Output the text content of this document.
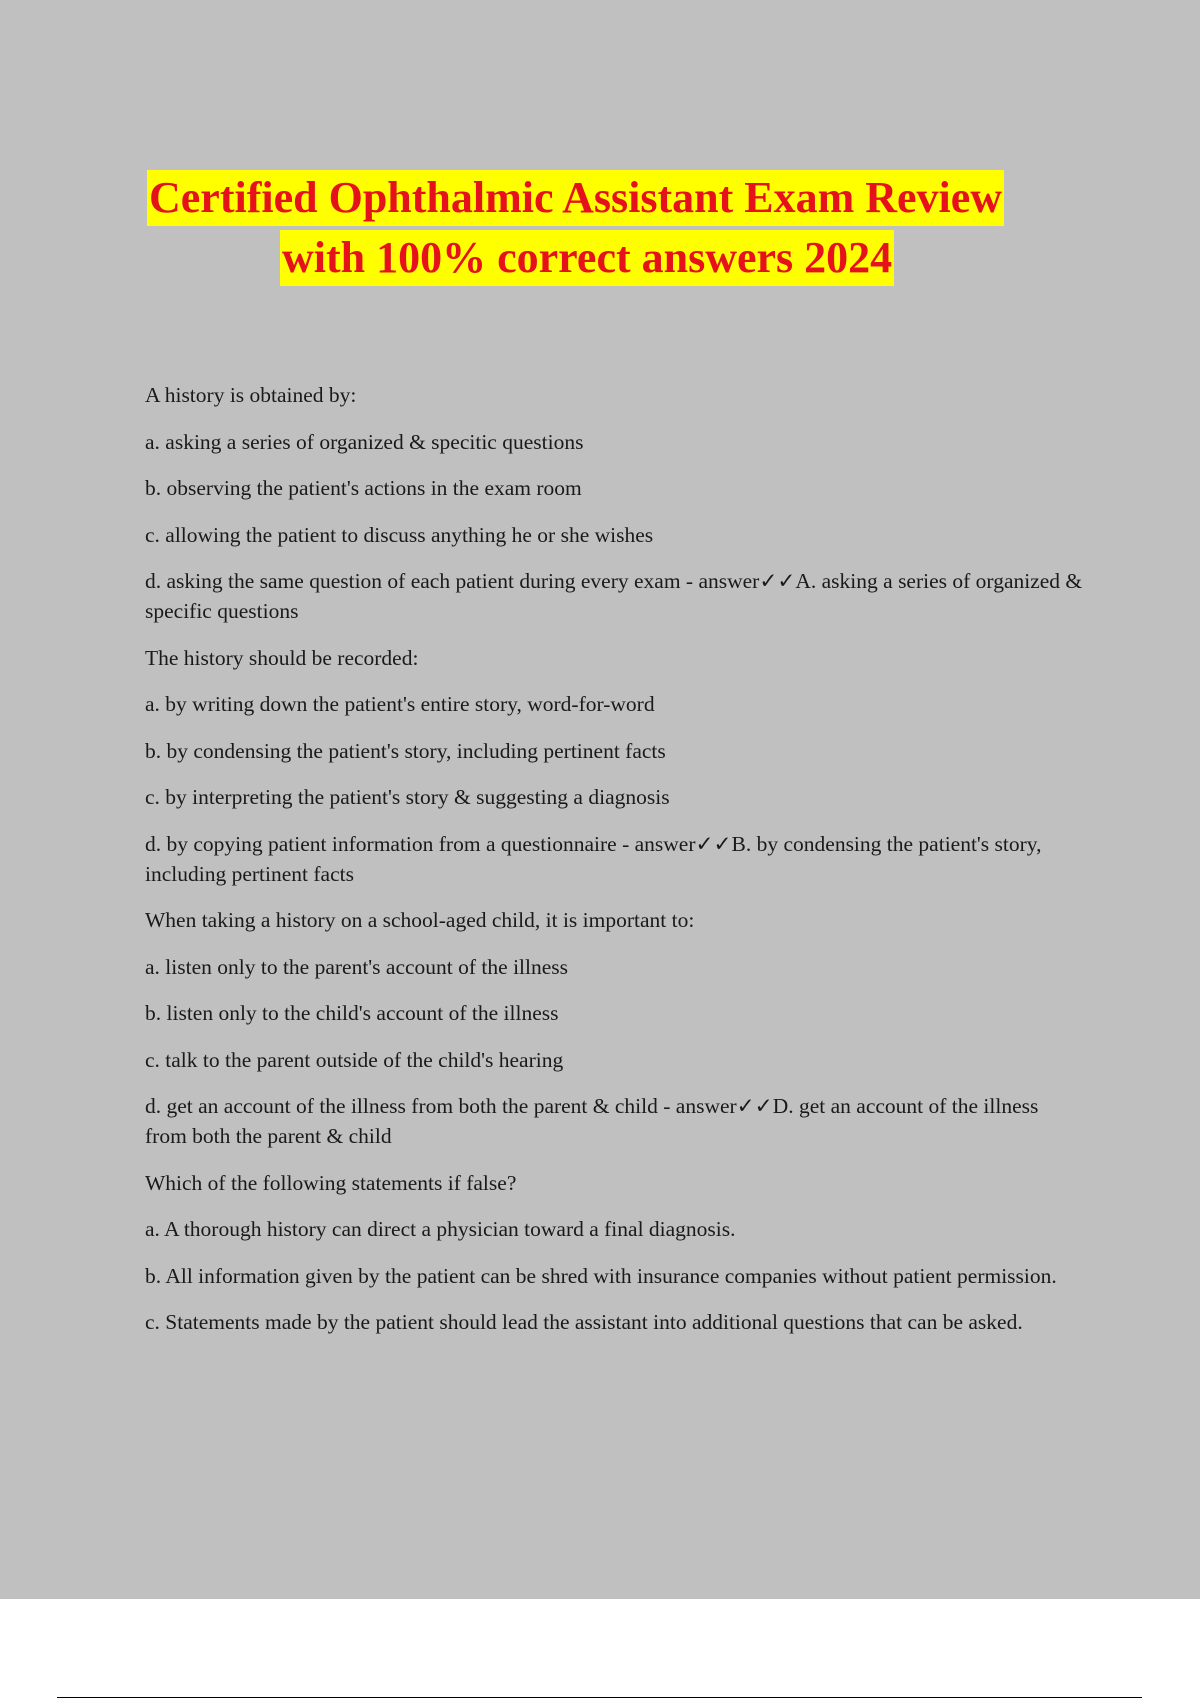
Certified Ophthalmic Assistant Exam Review
with 100% correct answers 2024

A history is obtained by:

a. asking a series of organized & specitic questions

b. observing the patient's actions in the exam room

c. allowing the patient to discuss anything he or she wishes

d. asking the same question of each patient during every exam - answer✓✓A. asking a series of organized & specific questions

The history should be recorded:

a. by writing down the patient's entire story, word-for-word

b. by condensing the patient's story, including pertinent facts

c. by interpreting the patient's story & suggesting a diagnosis

d. by copying patient information from a questionnaire - answer✓✓B. by condensing the patient's story, including pertinent facts

When taking a history on a school-aged child, it is important to:

a. listen only to the parent's account of the illness

b. listen only to the child's account of the illness

c. talk to the parent outside of the child's hearing

d. get an account of the illness from both the parent & child - answer✓✓D. get an account of the illness from both the parent & child

Which of the following statements if false?

a. A thorough history can direct a physician toward a final diagnosis.

b. All information given by the patient can be shred with insurance companies without patient permission.

c. Statements made by the patient should lead the assistant into additional questions that can be asked.
